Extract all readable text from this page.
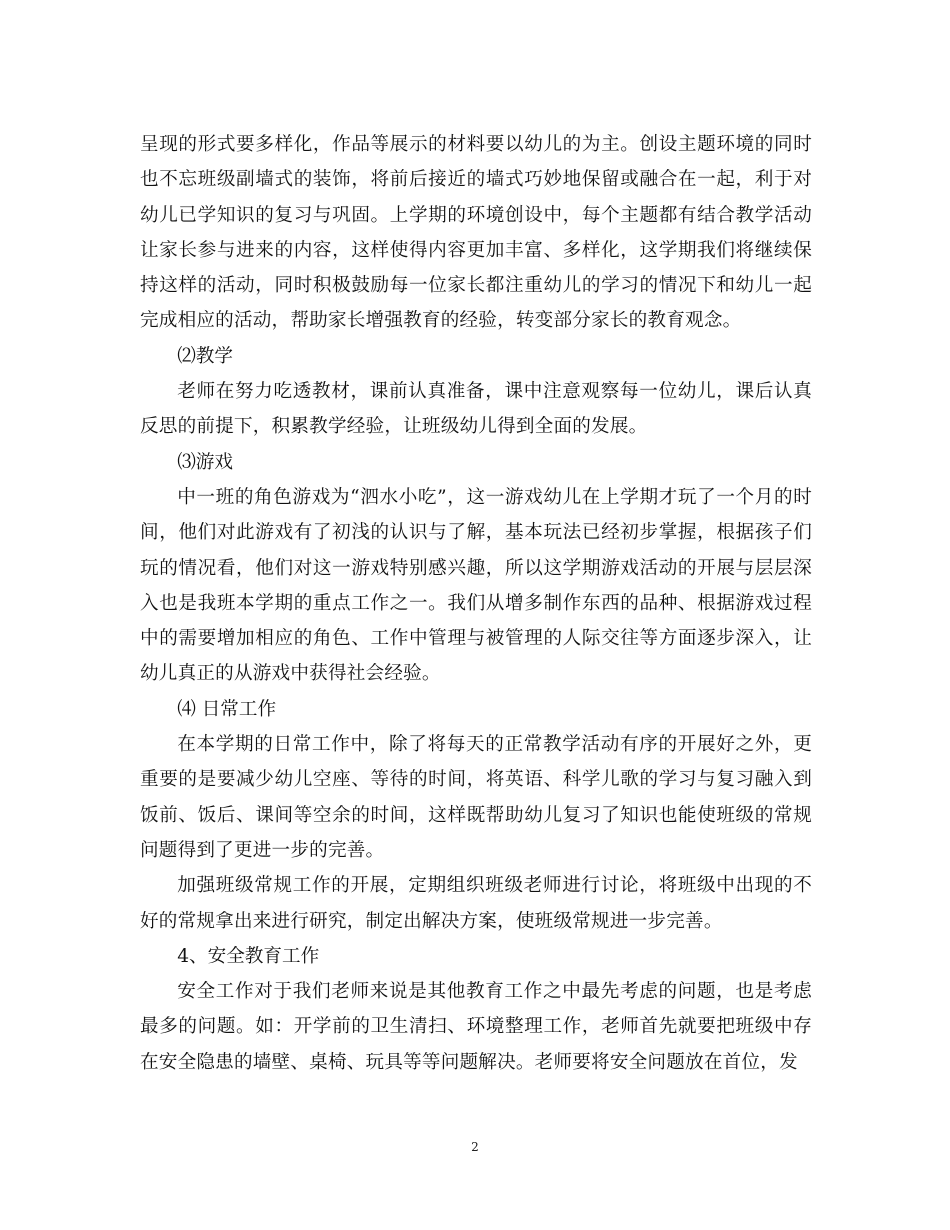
呈现的形式要多样化，作品等展示的材料要以幼儿的为主。创设主题环境的同时也不忘班级副墙式的装饰，将前后接近的墙式巧妙地保留或融合在一起，利于对幼儿已学知识的复习与巩固。上学期的环境创设中，每个主题都有结合教学活动让家长参与进来的内容，这样使得内容更加丰富、多样化，这学期我们将继续保持这样的活动，同时积极鼓励每一位家长都注重幼儿的学习的情况下和幼儿一起完成相应的活动，帮助家长增强教育的经验，转变部分家长的教育观念。

⑵教学

老师在努力吃透教材，课前认真准备，课中注意观察每一位幼儿，课后认真反思的前提下，积累教学经验，让班级幼儿得到全面的发展。

⑶游戏

中一班的角色游戏为“泗水小吃”，这一游戏幼儿在上学期才玩了一个月的时间，他们对此游戏有了初浅的认识与了解，基本玩法已经初步掌握，根据孩子们玩的情况看，他们对这一游戏特别感兴趣，所以这学期游戏活动的开展与层层深入也是我班本学期的重点工作之一。我们从增多制作东西的品种、根据游戏过程中的需要增加相应的角色、工作中管理与被管理的人际交往等方面逐步深入，让幼儿真正的从游戏中获得社会经验。

⑷ 日常工作

在本学期的日常工作中，除了将每天的正常教学活动有序的开展好之外，更重要的是要减少幼儿空座、等待的时间，将英语、科学儿歌的学习与复习融入到饭前、饭后、课间等空余的时间，这样既帮助幼儿复习了知识也能使班级的常规问题得到了更进一步的完善。

加强班级常规工作的开展，定期组织班级老师进行讨论，将班级中出现的不好的常规拿出来进行研究，制定出解决方案，使班级常规进一步完善。

4、安全教育工作

安全工作对于我们老师来说是其他教育工作之中最先考虑的问题，也是考虑最多的问题。如：开学前的卫生清扫、环境整理工作，老师首先就要把班级中存在安全隐患的墙壁、桌椅、玩具等等问题解决。老师要将安全问题放在首位，发

2
